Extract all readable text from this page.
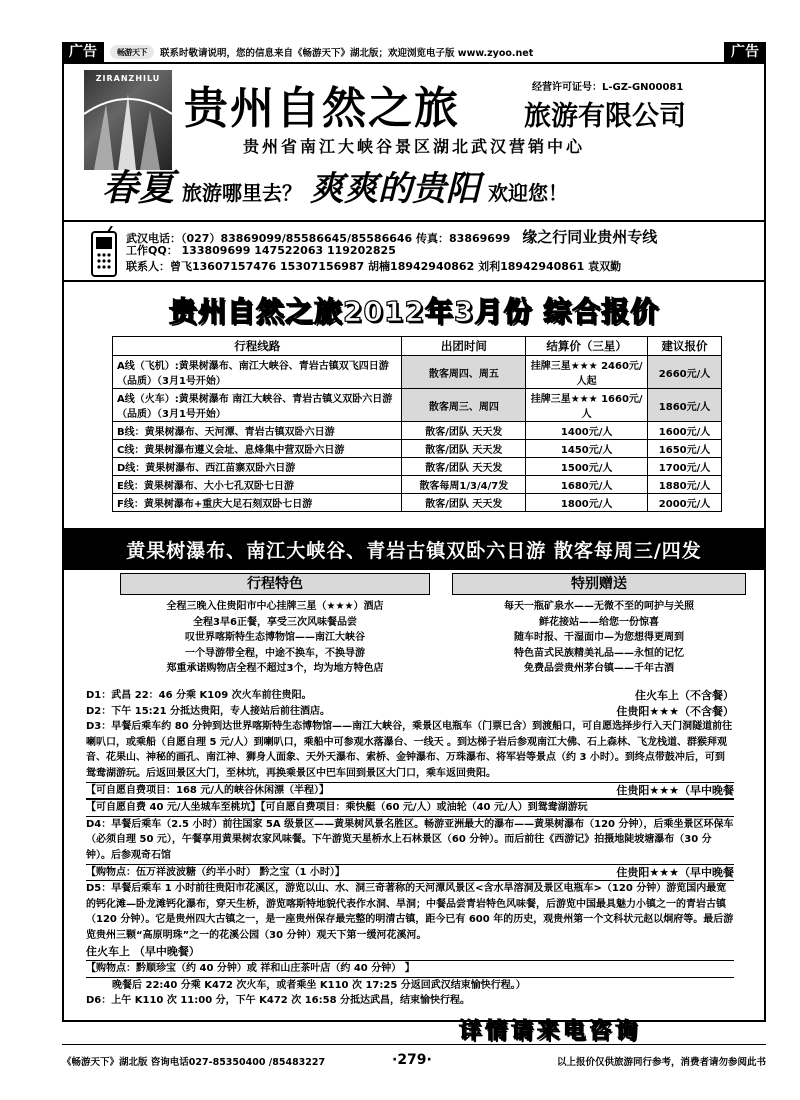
广告	畅游天下	联系时敬请说明，您的信息来自《畅游天下》湖北版；欢迎浏览电子版 www.zyoo.net	广告
ZIRANZHILU
贵州自然之旅	经营许可证号：L-GZ-GN00081
旅游有限公司
贵州省南江大峡谷景区湖北武汉营销中心
春夏 旅游哪里去？ 爽爽的贵阳 欢迎您！
武汉电话：（027）83869099/85586645/85586646 传真：83869699 缘之行同业贵州专线
工作QQ： 133809699 147522063 119202825
联系人：曾飞13607157476 15307156987 胡楠18942940862 刘利18942940861 袁双勤
贵州自然之旅2012年3月份 综合报价
行程线路	出团时间	结算价（三星）	建议报价
A线（飞机）:黄果树瀑布、南江大峡谷、青岩古镇双飞四日游（品质）（3月1号开始）	散客周四、周五	挂牌三星★★★ 2460元/人起	2660元/人
A线（火车）:黄果树瀑布 南江大峡谷、青岩古镇义双卧六日游（品质）（3月1号开始）	散客周三、周四	挂牌三星★★★ 1660元/人	1860元/人
B线：黄果树瀑布、天河潭、青岩古镇双卧六日游	散客/团队 天天发	1400元/人	1600元/人
C线：黄果树瀑布遵义会址、息烽集中营双卧六日游	散客/团队 天天发	1450元/人	1650元/人
D线：黄果树瀑布、西江苗寨双卧六日游	散客/团队 天天发	1500元/人	1700元/人
E线：黄果树瀑布、大小七孔双卧七日游	散客每周1/3/4/7发	1680元/人	1880元/人
F线：黄果树瀑布+重庆大足石刻双卧七日游	散客/团队 天天发	1800元/人	2000元/人
黄果树瀑布、南江大峡谷、青岩古镇双卧六日游 散客每周三/四发
行程特色
全程三晚入住贵阳市中心挂牌三星（★★★）酒店
全程3早6正餐，享受三次风味餐品尝
叹世界喀斯特生态博物馆——南江大峡谷
一个导游带全程，中途不换车，不换导游
郑重承诺购物店全程不超过3个，均为地方特色店
特别赠送
每天一瓶矿泉水——无微不至的呵护与关照
鲜花接站——给您一份惊喜
随车时报、干湿面巾—为您想得更周到
特色苗式民族精美礼品——永恒的记忆
免费品尝贵州茅台镇——千年古酒
D1：武昌 22：46 分乘 K109 次火车前往贵阳。	住火车上（不含餐）
D2：下午 15:21 分抵达贵阳，专人接站后前往酒店。	住贵阳★★★（不含餐）
D3：早餐后乘车约 80 分钟到达世界喀斯特生态博物馆——南江大峡谷，乘景区电瓶车（门票已含）到渡船口，可自愿选择步行入天门洞隧道前往喇叭口，或乘船（自愿自理 5 元/人）到喇叭口，乘船中可参观水落瀑台、一线天 。到达梯子岩后参观南江大佛、石上森林、飞龙栈道、群猴拜观音、花果山、神秘的画孔、南江神、狮身人面象、天外天瀑布、索桥、金钟瀑布、万珠瀑布、将军岩等景点（约 3 小时）。到终点带鼓冲后，可到鸳鸯湖游玩。后返回景区大门，至林坑，再换乘景区中巴车回到景区大门口，乘车返回贵阳。
【可自愿自费项目：168 元/人的峡谷休闲漂（半程）】	住贵阳★★★（早中晚餐
【可自愿自费 40 元/人坐城车至桃坑】【可自愿自费项目：乘快艇（60 元/人）或油轮（40 元/人）到鸳鸯湖游玩
D4：早餐后乘车（2.5 小时）前往国家 5A 级景区——黄果树风景名胜区。畅游亚洲最大的瀑布——黄果树瀑布（120 分钟），后乘坐景区环保车（必须自理 50 元），午餐享用黄果树农家风味餐。下午游览天星桥水上石林景区（60 分钟）。而后前往《西游记》拍摄地陡坡塘瀑布（30 分钟）。后参观奇石馆
【购物点：伍万祥波波糖（约半小时） 黔之宝（1 小时）】	住贵阳★★★（早中晚餐
D5：早餐后乘车 1 小时前往贵阳市花溪区，游览以山、水、洞三奇著称的天河潭风景区<含水旱溶洞及景区电瓶车>（120 分钟）游览国内最宽的钙化滩—卧龙滩钙化瀑布，穿天生桥，游览喀斯特地貌代表作水洞、旱洞；中餐品尝青岩特色风味餐，后游览中国最具魅力小镇之一的青岩古镇（120 分钟）。它是贵州四大古镇之一，是一座贵州保存最完整的明清古镇，距今已有 600 年的历史，观贵州第一个文科状元赵以炯府等。最后游览贵州三颗“高原明珠”之一的花溪公园（30 分钟）观天下第一缓河花溪河。
住火车上 （早中晚餐）
【购物点：黔顺珍宝（约 40 分钟）或 祥和山庄茶叶店（约 40 分钟） 】
晚餐后 22:40 分乘 K472 次火车，或者乘坐 K110 次 17:25 分返回武汉结束愉快行程。）
D6：上午 K110 次 11:00 分，下午 K472 次 16:58 分抵达武昌，结束愉快行程。
详情请来电咨询
《畅游天下》湖北版 咨询电话027-85350400 /85483227	·279·	以上报价仅供旅游同行参考，消费者请勿参阅此书
